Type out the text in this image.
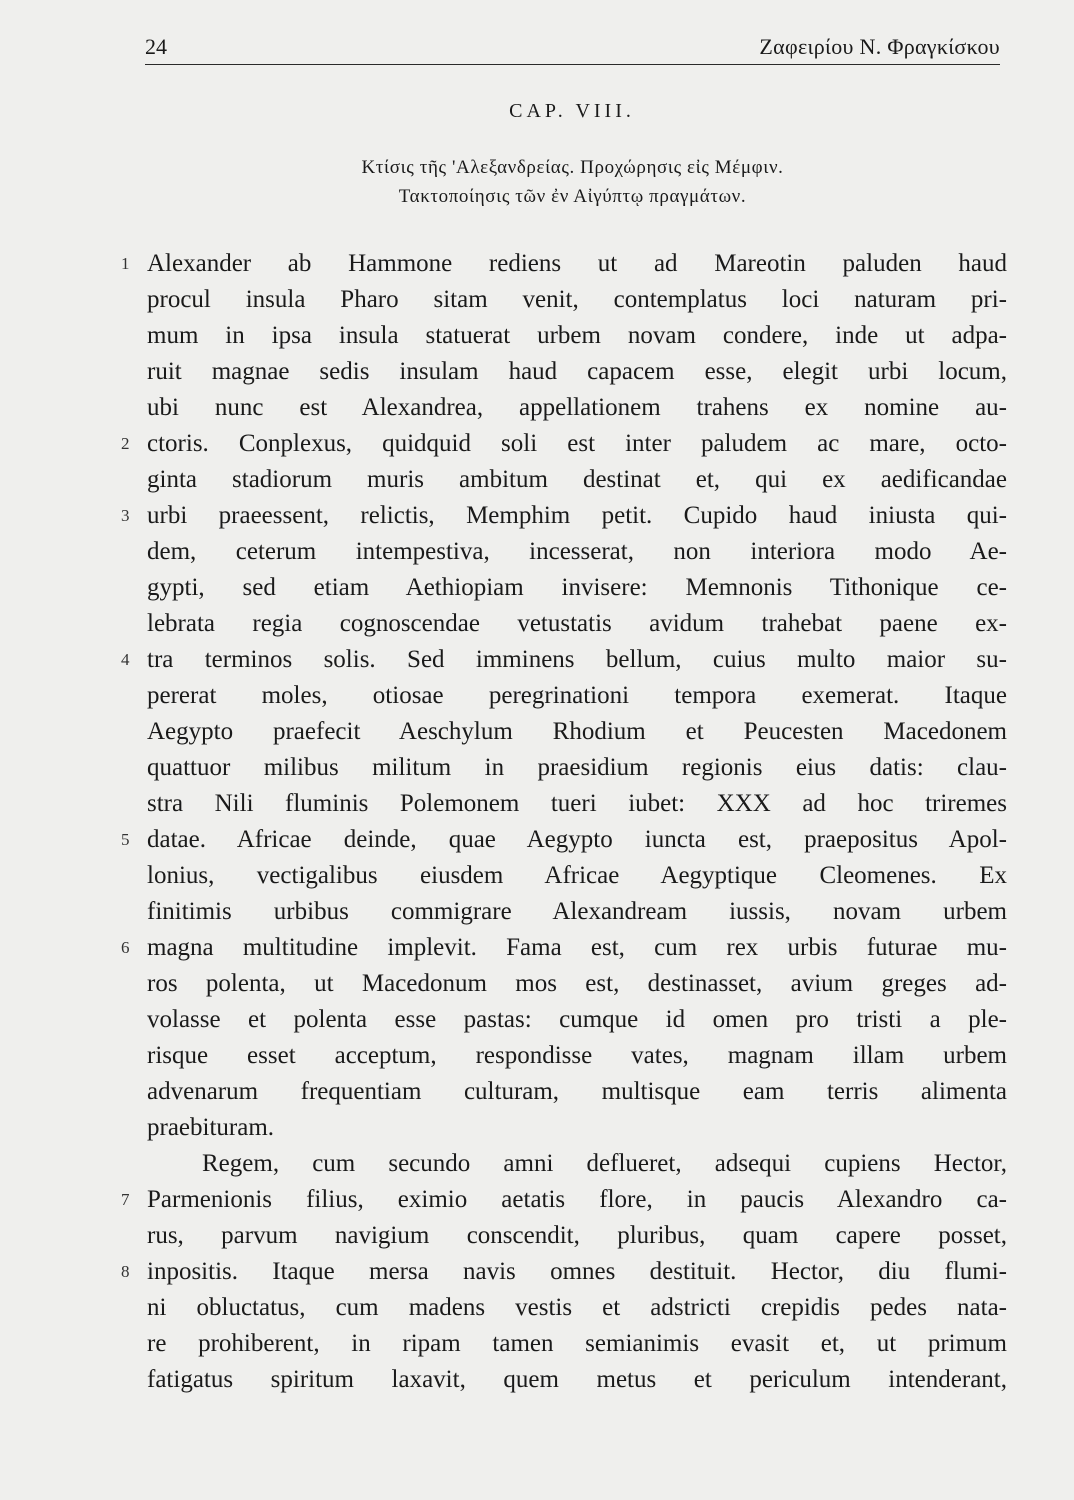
24	Ζαφειρίου Ν. Φραγκίσκου
CAP. VIII.
Κτίσις τῆς 'Αλεξανδρείας. Προχώρησις εἰς Μέμφιν.
Τακτοποίησις τῶν ἐν Αἰγύπτῳ πραγμάτων.
1 Alexander ab Hammone rediens ut ad Mareotin paluden haud
procul insula Pharo sitam venit, contemplatus loci naturam pri-
mum in ipsa insula statuerat urbem novam condere, inde ut adpa-
ruit magnae sedis insulam haud capacem esse, elegit urbi locum,
ubi nunc est Alexandrea, appellationem trahens ex nomine au-
2 ctoris. Conplexus, quidquid soli est inter paludem ac mare, octo-
ginta stadiorum muris ambitum destinat et, qui ex aedificandae
3 urbi praeessent, relictis, Memphim petit. Cupido haud iniusta qui-
dem, ceterum intempestiva, incesserat, non interiora modo Ae-
gypti, sed etiam Aethiopiam invisere: Memnonis Tithonique ce-
lebrata regia cognoscendae vetustatis avidum trahebat paene ex-
4 tra terminos solis. Sed imminens bellum, cuius multo maior su-
pererat moles, otiosae peregrinationi tempora exemerat. Itaque
Aegypto praefecit Aeschylum Rhodium et Peucesten Macedonem
quattuor milibus militum in praesidium regionis eius datis: clau-
stra Nili fluminis Polemonem tueri iubet: XXX ad hoc triremes
5 datae. Africae deinde, quae Aegypto iuncta est, praepositus Apol-
lonius, vectigalibus eiusdem Africae Aegyptique Cleomenes. Ex
finitimis urbibus commigrare Alexandream iussis, novam urbem
6 magna multitudine implevit. Fama est, cum rex urbis futurae mu-
ros polenta, ut Macedonum mos est, destinasset, avium greges ad-
volasse et polenta esse pastas: cumque id omen pro tristi a ple-
risque esset acceptum, respondisse vates, magnam illam urbem
advenarum frequentiam culturam, multisque eam terris alimenta
praebituram.
Regem, cum secundo amni deflueret, adsequi cupiens Hector,
7 Parmenionis filius, eximio aetatis flore, in paucis Alexandro ca-
rus, parvum navigium conscendit, pluribus, quam capere posset,
8 inpositis. Itaque mersa navis omnes destituit. Hector, diu flumi-
ni obluctatus, cum madens vestis et adstricti crepidis pedes nata-
re prohiberent, in ripam tamen semianimis evasit et, ut primum
fatigatus spiritum laxavit, quem metus et periculum intenderant,
